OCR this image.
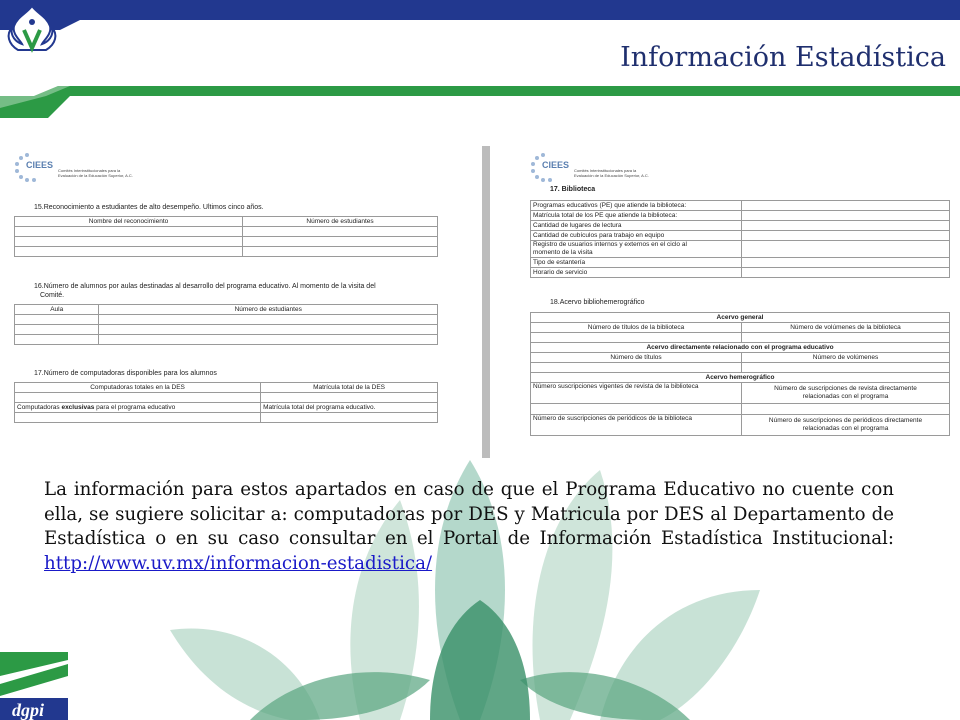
dgpi
Información Estadística
CIEES
Comités Interinstitucionales para la
Evaluación de la Educación Superior, A.C.
15.Reconocimiento a estudiantes de alto desempeño. Ultimos cinco años.
Nombre del reconocimiento	Número de estudiantes

16.Número de alumnos por aulas destinadas al desarrollo del programa educativo. Al momento de la visita del
Comité.
Aula	Número de estudiantes

17.Número de computadoras disponibles para los alumnos
Computadoras totales en la DES	Matrícula total de la DES

Computadoras exclusivas para el programa educativo	Matrícula total del programa educativo.

CIEES
Comités Interinstitucionales para la
Evaluación de la Educación Superior, A.C.
17. Biblioteca
Programas educativos (PE) que atiende la biblioteca:	
Matrícula total de los PE que atiende la biblioteca:	
Cantidad de lugares de lectura	
Cantidad de cubículos para trabajo en equipo	

Registro de usuarios internos y externos en el ciclo al
momento de la visita	

Tipo de estantería	
Horario de servicio	
18.Acervo bibliohemerográfico
Acervo general	
Número de títulos de la biblioteca	Número de volúmenes de la biblioteca

Acervo directamente relacionado con el programa educativo	
Número de títulos	Número de volúmenes

Acervo hemerográfico	
Número suscripciones vigentes de revista de la biblioteca	Número de suscripciones de revista directamente
relacionadas con el programa

Número de suscripciones de periódicos de la biblioteca	Número de suscripciones de periódicos directamente
relacionadas con el programa
La información para estos apartados en caso de que el Programa Educativo no cuente con ella, se sugiere solicitar a: computadoras por DES y Matricula por DES al Departamento de Estadística o en su caso consultar en el Portal de Información Estadística Institucional: http://www.uv.mx/informacion-estadistica/
